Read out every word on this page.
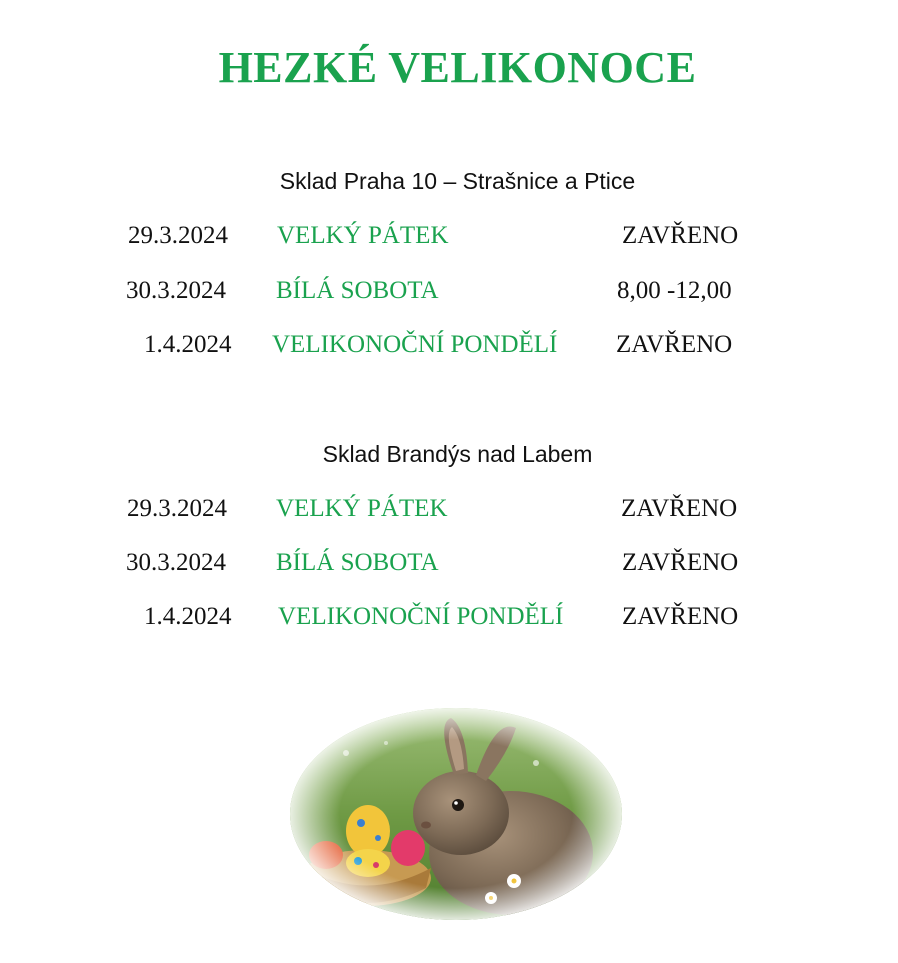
HEZKÉ VELIKONOCE
Sklad Praha 10 – Strašnice a Ptice
29.3.2024 VELKÝ PÁTEK	ZAVŘENO
30.3.2024 BÍLÁ SOBOTA	8,00 -12,00
1.4.2024 VELIKONOČNÍ PONDĚLÍ ZAVŘENO
Sklad Brandýs nad Labem
29.3.2024 VELKÝ PÁTEK	ZAVŘENO
30.3.2024 BÍLÁ SOBOTA	ZAVŘENO
1.4.2024 VELIKONOČNÍ PONDĚLÍ ZAVŘENO
